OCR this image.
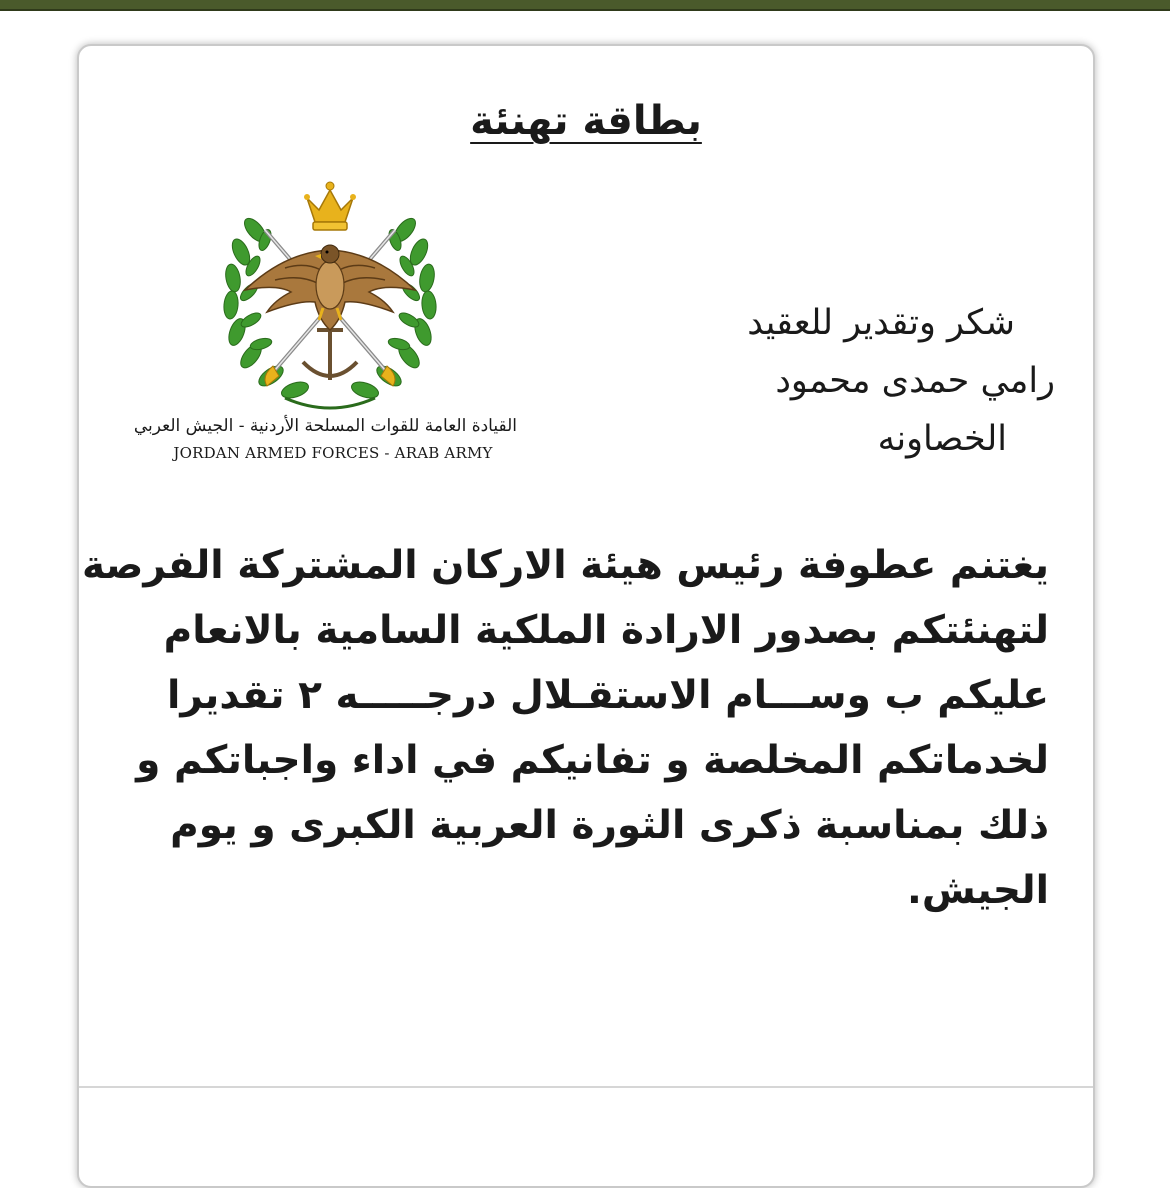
بطاقة تهنئة
القيادة العامة للقوات المسلحة الأردنية - الجيش العربي
JORDAN ARMED FORCES - ARAB ARMY
شكر وتقدير للعقيد
رامي حمدى محمود
الخصاونه
يغتنم عطوفة رئيس هيئة الاركان المشتركة الفرصة
لتهنئتكم بصدور الارادة الملكية السامية بالانعام
عليكم ب وســـام الاستقـلال درجـــــه ٢ تقديرا
لخدماتكم المخلصة و تفانيكم في اداء واجباتكم و
ذلك بمناسبة ذكرى الثورة العربية الكبرى و يوم
الجيش.
